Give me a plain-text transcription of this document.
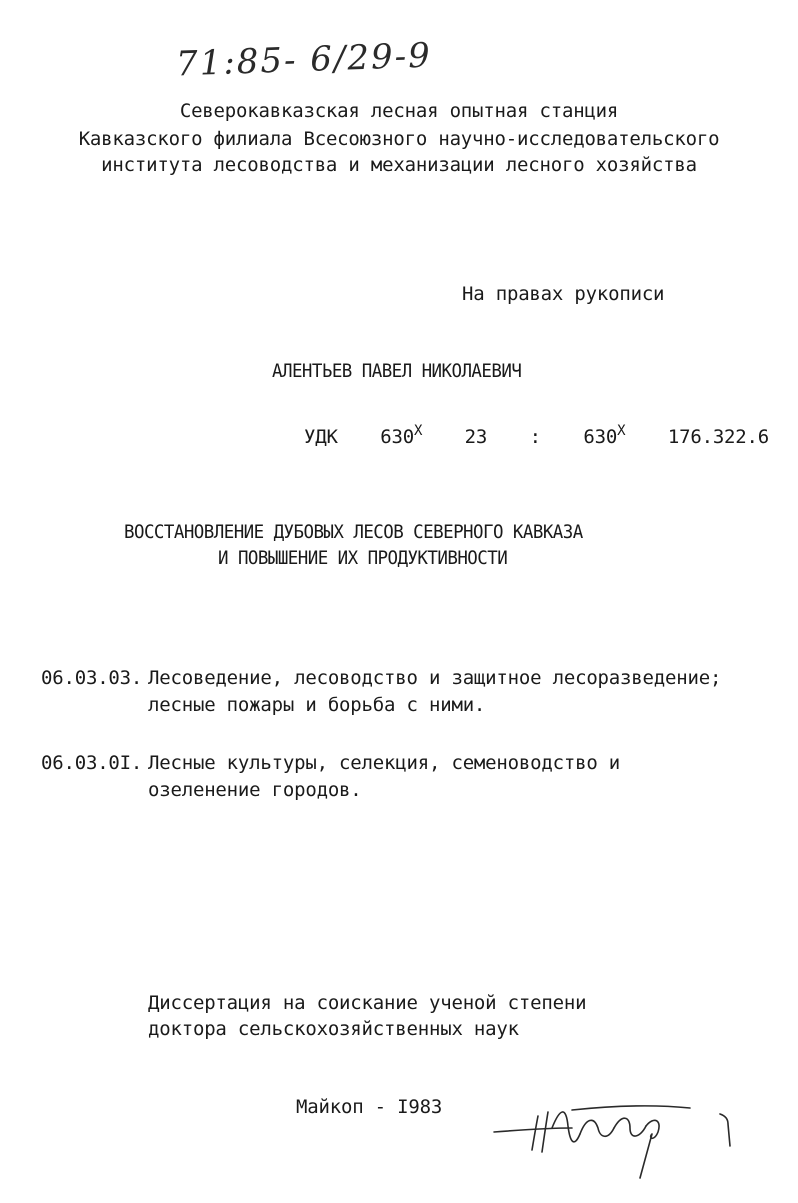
71:85- 6/29-9
Северокавказская лесная опытная станция
Кавказского филиала Всесоюзного научно-исследовательского
института лесоводства и механизации лесного хозяйства
На правах рукописи
АЛЕНТЬЕВ ПАВЕЛ НИКОЛАЕВИЧ
УДК $630^X$ 23 : $630^X$ 176.322.6
ВОССТАНОВЛЕНИЕ ДУБОВЫХ ЛЕСОВ СЕВЕРНОГО КАВКАЗА
И ПОВЫШЕНИЕ ИХ ПРОДУКТИВНОСТИ
06.03.03. Лесоведение, лесоводство и защитное лесоразведение;
лесные пожары и борьба с ними.
06.03.0I. Лесные культуры, селекция, семеноводство и
озеленение городов.
Диссертация на соискание ученой степени
доктора сельскохозяйственных наук
Майкоп - I983
